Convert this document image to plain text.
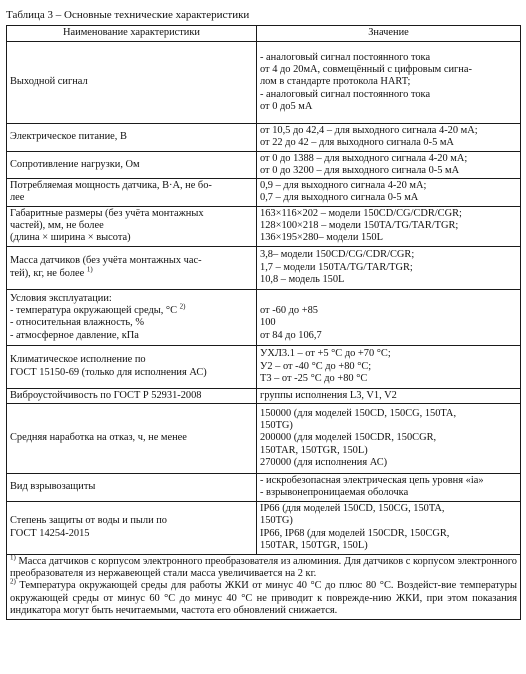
Таблица 3 – Основные технические характеристики
Наименование характеристики	Значение

Выходной сигнал	- аналоговый сигнал постоянного тока
от 4 до 20мА, совмещённый с цифровым сигна-
лом в стандарте протокола HART;
- аналоговый сигнал постоянного тока
от 0 до5 мА

Электрическое питание, В	от 10,5 до 42,4 – для выходного сигнала 4-20 мА;
от 22 до 42 – для выходного сигнала 0-5 мА

Сопротивление нагрузки, Ом	от 0 до 1388 – для выходного сигнала 4-20 мА;
от 0 до 3200 – для выходного сигнала 0-5 мА

Потребляемая мощность датчика, В·А, не бо-
лее	0,9 – для выходного сигнала 4-20 мА;
0,7 – для выходного сигнала 0-5 мА

Габаритные размеры (без учёта монтажных
частей), мм, не более
(длина × ширина × высота)	163×116×202 – модели 150CD/CG/CDR/CGR;
128×100×218 – модели 150TA/TG/TAR/TGR;
136×195×280– модели 150L

Масса датчиков (без учёта монтажных час-
тей), кг, не более $^{1)}$	3,8– модели 150CD/CG/CDR/CGR;
1,7 – модели 150TA/TG/TAR/TGR;
10,8 – модель 150L

Условия эксплуатации:
- температура окружающей среды, °С $^{2)}$
- относительная влажность, %
- атмосферное давление, кПа	от -60 до +85
100
от 84 до 106,7

Климатическое исполнение по
ГОСТ 15150-69 (только для исполнения АС)	УХЛ3.1 – от +5 °С до +70 °С;
У2 – от -40 °С до +80 °С;
Т3 – от -25 °С до +80 °С

Виброустойчивость по ГОСТ Р 52931-2008	группы исполнения L3, V1, V2

Средняя наработка на отказ, ч, не менее	150000 (для моделей 150CD, 150CG, 150TA,
150TG)
200000 (для моделей 150CDR, 150CGR,
150TAR, 150TGR, 150L)
270000 (для исполнения АС)

Вид взрывозащиты	- искробезопасная электрическая цепь уровня «ia»
- взрывонепроницаемая оболочка

Степень защиты от воды и пыли по
ГОСТ 14254-2015	IP66 (для моделей 150CD, 150CG, 150TA,
150TG)
IP66, IP68 (для моделей 150CDR, 150CGR,
150TAR, 150TGR, 150L)

$^{1)}$ Масса датчиков с корпусом электронного преобразователя из алюминия. Для датчиков с корпусом электронного преобразователя из нержавеющей стали масса увеличивается на 2 кг.
$^{2)}$ Температура окружающей среды для работы ЖКИ от минус 40 °С до плюс 80 °С. Воздейст-вие температуры окружающей среды от минус 60 °С до минус 40 °С не приводит к поврежде-нию ЖКИ, при этом показания индикатора могут быть нечитаемыми, частота его обновлений снижается.	
